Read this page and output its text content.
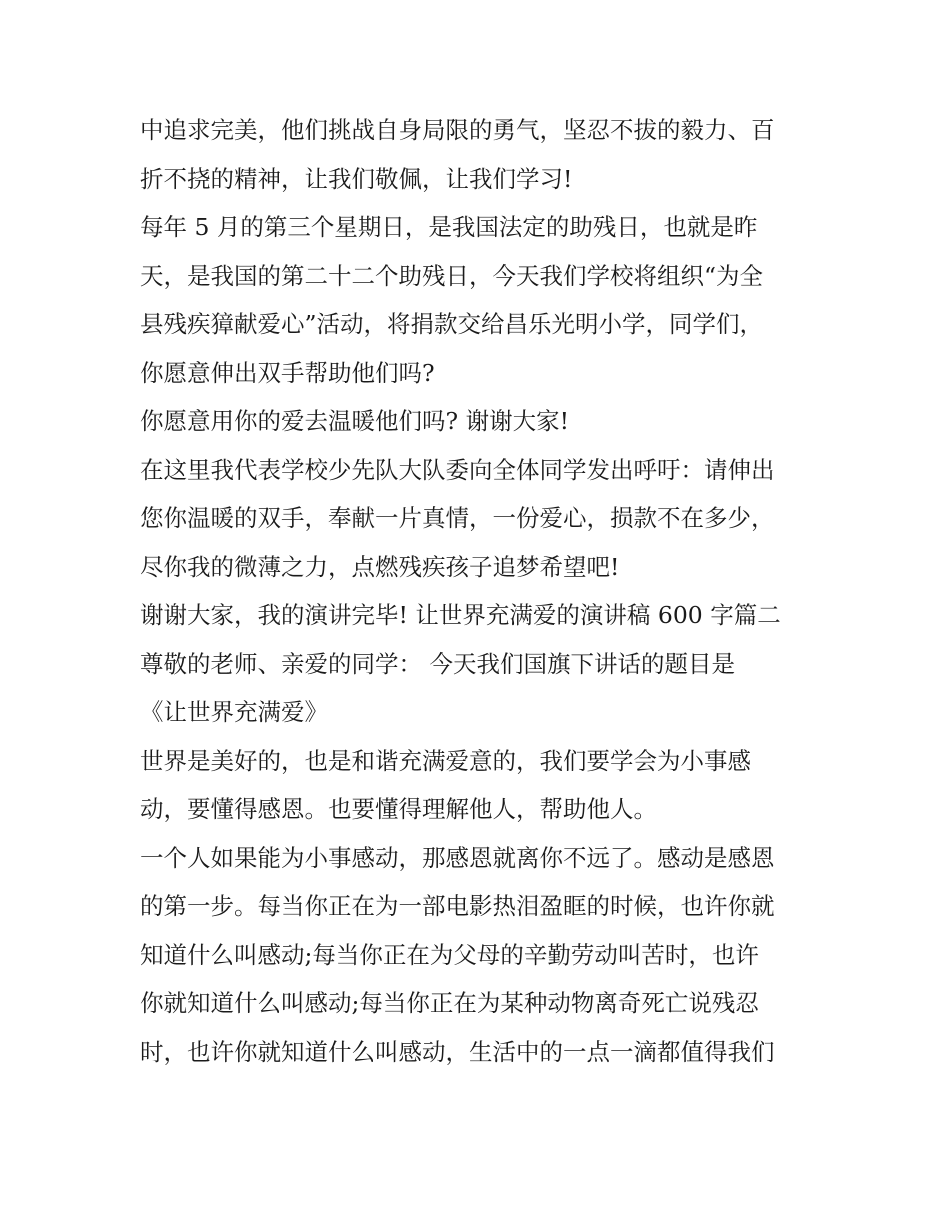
中追求完美，他们挑战自身局限的勇气，坚忍不拔的毅力、百
折不挠的精神，让我们敬佩，让我们学习!
每年 5 月的第三个星期日，是我国法定的助残日，也就是昨
天，是我国的第二十二个助残日，今天我们学校将组织“为全
县残疾獐献爱心”活动，将捐款交给昌乐光明小学，同学们，
你愿意伸出双手帮助他们吗?
你愿意用你的爱去温暖他们吗? 谢谢大家!
在这里我代表学校少先队大队委向全体同学发出呼吁：请伸出
您你温暖的双手，奉献一片真情，一份爱心，损款不在多少，
尽你我的微薄之力，点燃残疾孩子追梦希望吧!
谢谢大家，我的演讲完毕! 让世界充满爱的演讲稿 600 字篇二
尊敬的老师、亲爱的同学： 今天我们国旗下讲话的题目是
《让世界充满爱》
世界是美好的，也是和谐充满爱意的，我们要学会为小事感
动，要懂得感恩。也要懂得理解他人，帮助他人。
一个人如果能为小事感动，那感恩就离你不远了。感动是感恩
的第一步。每当你正在为一部电影热泪盈眶的时候，也许你就
知道什么叫感动;每当你正在为父母的辛勤劳动叫苦时，也许
你就知道什么叫感动;每当你正在为某种动物离奇死亡说残忍
时，也许你就知道什么叫感动，生活中的一点一滴都值得我们
